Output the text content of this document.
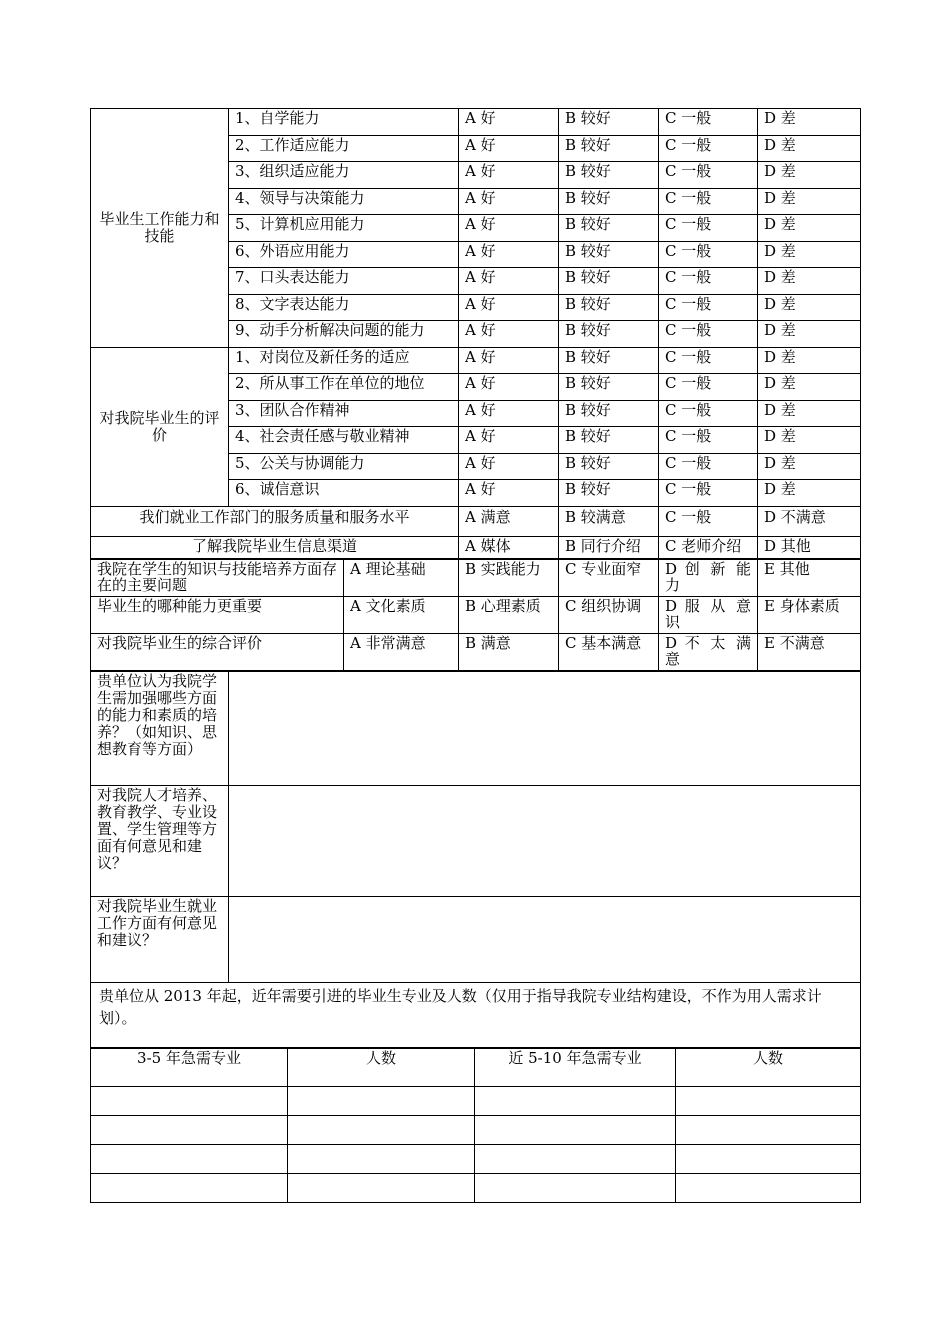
毕业生工作能力和技能	1、自学能力	A 好	B 较好	C 一般	D 差
	2、工作适应能力	A 好	B 较好	C 一般	D 差
	3、组织适应能力	A 好	B 较好	C 一般	D 差
	4、领导与决策能力	A 好	B 较好	C 一般	D 差
	5、计算机应用能力	A 好	B 较好	C 一般	D 差
	6、外语应用能力	A 好	B 较好	C 一般	D 差
	7、口头表达能力	A 好	B 较好	C 一般	D 差
	8、文字表达能力	A 好	B 较好	C 一般	D 差
	9、动手分析解决问题的能力	A 好	B 较好	C 一般	D 差
对我院毕业生的评价	1、对岗位及新任务的适应	A 好	B 较好	C 一般	D 差
	2、所从事工作在单位的地位	A 好	B 较好	C 一般	D 差
	3、团队合作精神	A 好	B 较好	C 一般	D 差
	4、社会责任感与敬业精神	A 好	B 较好	C 一般	D 差
	5、公关与协调能力	A 好	B 较好	C 一般	D 差
	6、诚信意识	A 好	B 较好	C 一般	D 差
我们就业工作部门的服务质量和服务水平		A 满意	B 较满意	C 一般	D 不满意
了解我院毕业生信息渠道		A 媒体	B 同行介绍	C 老师介绍	D 其他
我院在学生的知识与技能培养方面存在的主要问题	A 理论基础	B 实践能力	C 专业面窄	D 创 新 能 力	E 其他
毕业生的哪种能力更重要	A 文化素质	B 心理素质	C 组织协调	D 服 从 意 识	E 身体素质
对我院毕业生的综合评价	A 非常满意	B 满意	C 基本满意	D 不 太 满 意	E 不满意
贵单位认为我院学生需加强哪些方面的能力和素质的培养？（如知识、思想教育等方面）	
对我院人才培养、教育教学、专业设置、学生管理等方面有何意见和建议？	
对我院毕业生就业工作方面有何意见和建议？	
贵单位从 2013 年起，近年需要引进的毕业生专业及人数（仅用于指导我院专业结构建设，不作为用人需求计划）。	
3-5 年急需专业	人数	近 5-10 年急需专业	人数
